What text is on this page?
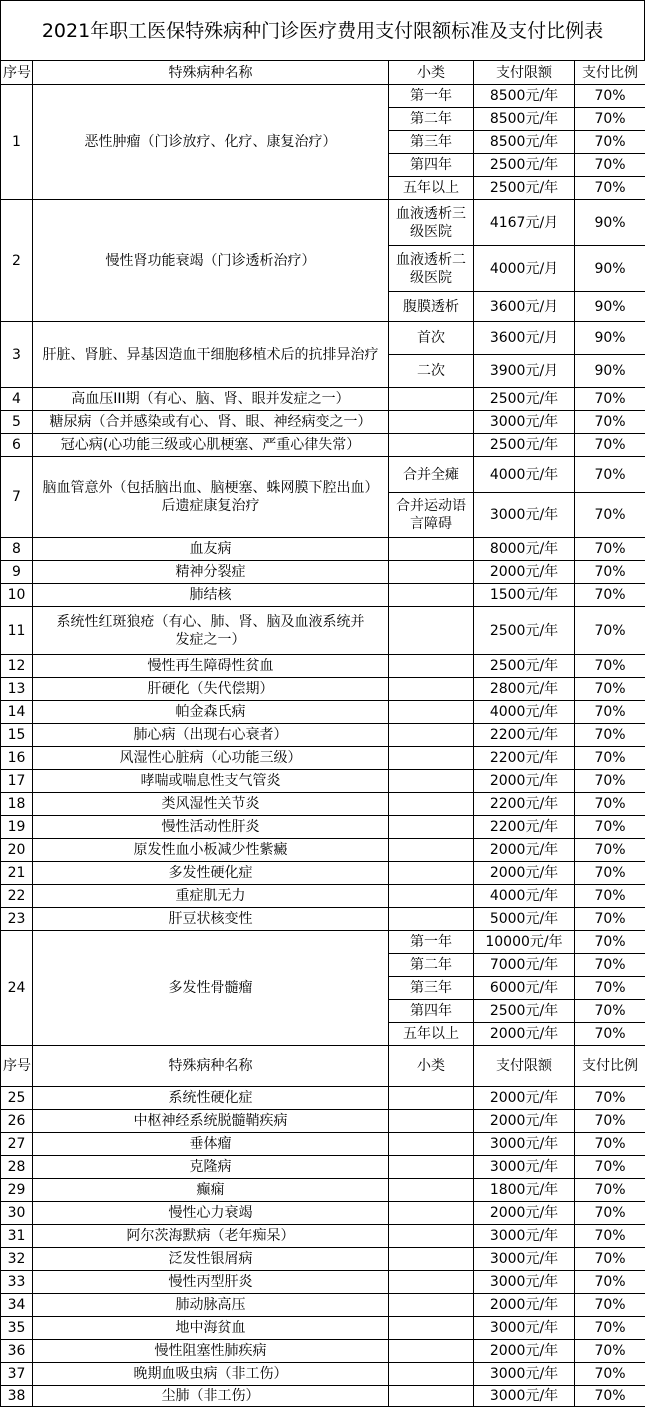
2021年职工医保特殊病种门诊医疗费用支付限额标准及支付比例表
序号	特殊病种名称	小类	支付限额	支付比例
1	恶性肿瘤（门诊放疗、化疗、康复治疗）	第一年	8500元/年	70%
		第二年	8500元/年	70%
		第三年	8500元/年	70%
		第四年	2500元/年	70%
		五年以上	2500元/年	70%
2	慢性肾功能衰竭（门诊透析治疗）	血液透析三级医院	4167元/月	90%
		血液透析二级医院	4000元/月	90%
		腹膜透析	3600元/月	90%
3	肝脏、肾脏、异基因造血干细胞移植术后的抗排异治疗	首次	3600元/月	90%
		二次	3900元/月	90%
4	高血压III期（有心、脑、肾、眼并发症之一）		2500元/年	70%
5	糖尿病（合并感染或有心、肾、眼、神经病变之一）		3000元/年	70%
6	冠心病(心功能三级或心肌梗塞、严重心律失常）		2500元/年	70%
7	脑血管意外（包括脑出血、脑梗塞、蛛网膜下腔出血）后遗症康复治疗	合并全瘫	4000元/年	70%
		合并运动语言障碍	3000元/年	70%
8	血友病		8000元/年	70%
9	精神分裂症		2000元/年	70%
10	肺结核		1500元/年	70%
11	系统性红斑狼疮（有心、肺、肾、脑及血液系统并发症之一）		2500元/年	70%
12	慢性再生障碍性贫血		2500元/年	70%
13	肝硬化（失代偿期）		2800元/年	70%
14	帕金森氏病		4000元/年	70%
15	肺心病（出现右心衰者）		2200元/年	70%
16	风湿性心脏病（心功能三级）		2200元/年	70%
17	哮喘或喘息性支气管炎		2000元/年	70%
18	类风湿性关节炎		2200元/年	70%
19	慢性活动性肝炎		2200元/年	70%
20	原发性血小板减少性紫癜		2000元/年	70%
21	多发性硬化症		2000元/年	70%
22	重症肌无力		4000元/年	70%
23	肝豆状核变性		5000元/年	70%
24	多发性骨髓瘤	第一年	10000元/年	70%
		第二年	7000元/年	70%
		第三年	6000元/年	70%
		第四年	2500元/年	70%
		五年以上	2000元/年	70%
序号	特殊病种名称	小类	支付限额	支付比例
25	系统性硬化症		2000元/年	70%
26	中枢神经系统脱髓鞘疾病		2000元/年	70%
27	垂体瘤		3000元/年	70%
28	克隆病		3000元/年	70%
29	癫痫		1800元/年	70%
30	慢性心力衰竭		2000元/年	70%
31	阿尔茨海默病（老年痴呆）		3000元/年	70%
32	泛发性银屑病		3000元/年	70%
33	慢性丙型肝炎		3000元/年	70%
34	肺动脉高压		2000元/年	70%
35	地中海贫血		3000元/年	70%
36	慢性阻塞性肺疾病		2000元/年	70%
37	晚期血吸虫病（非工伤）		3000元/年	70%
38	尘肺（非工伤）		3000元/年	70%
